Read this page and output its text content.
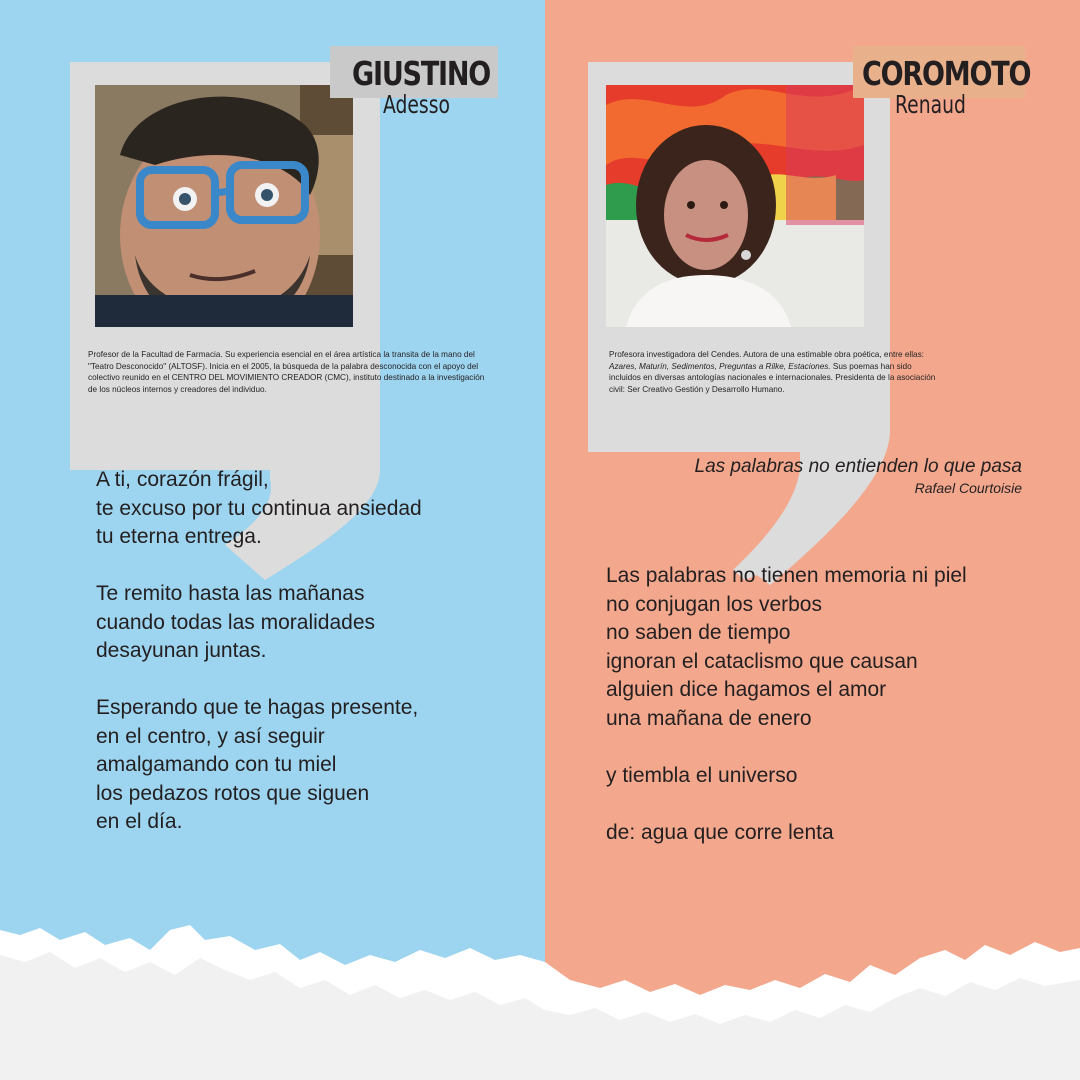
GIUSTINO
Adesso
Profesor de la Facultad de Farmacia. Su experiencia esencial en el área artística la transita de la mano del "Teatro Desconocido" (ALTOSF). Inicia en el 2005, la búsqueda de la palabra desconocida con el apoyo del colectivo reunido en el CENTRO DEL MOVIMIENTO CREADOR (CMC), instituto destinado a la investigación de los núcleos internos y creadores del individuo.
A ti, corazón frágil,
te excuso por tu continua ansiedad
tu eterna entrega.
Te remito hasta las mañanas
cuando todas las moralidades
desayunan juntas.
Esperando que te hagas presente,
en el centro, y así seguir
amalgamando con tu miel
los pedazos rotos que siguen
en el día.
COROMOTO
Renaud
Profesora investigadora del Cendes. Autora de una estimable obra poética, entre ellas: Azares, Maturín, Sedimentos, Preguntas a Rilke, Estaciones. Sus poemas han sido incluidos en diversas antologías nacionales e internacionales. Presidenta de la asociación civil: Ser Creativo Gestión y Desarrollo Humano.
Las palabras no entienden lo que pasa
Rafael Courtoisie
Las palabras no tienen memoria ni piel
no conjugan los verbos
no saben de tiempo
ignoran el cataclismo que causan
alguien dice hagamos el amor
una mañana de enero
y tiembla el universo
de: agua que corre lenta
